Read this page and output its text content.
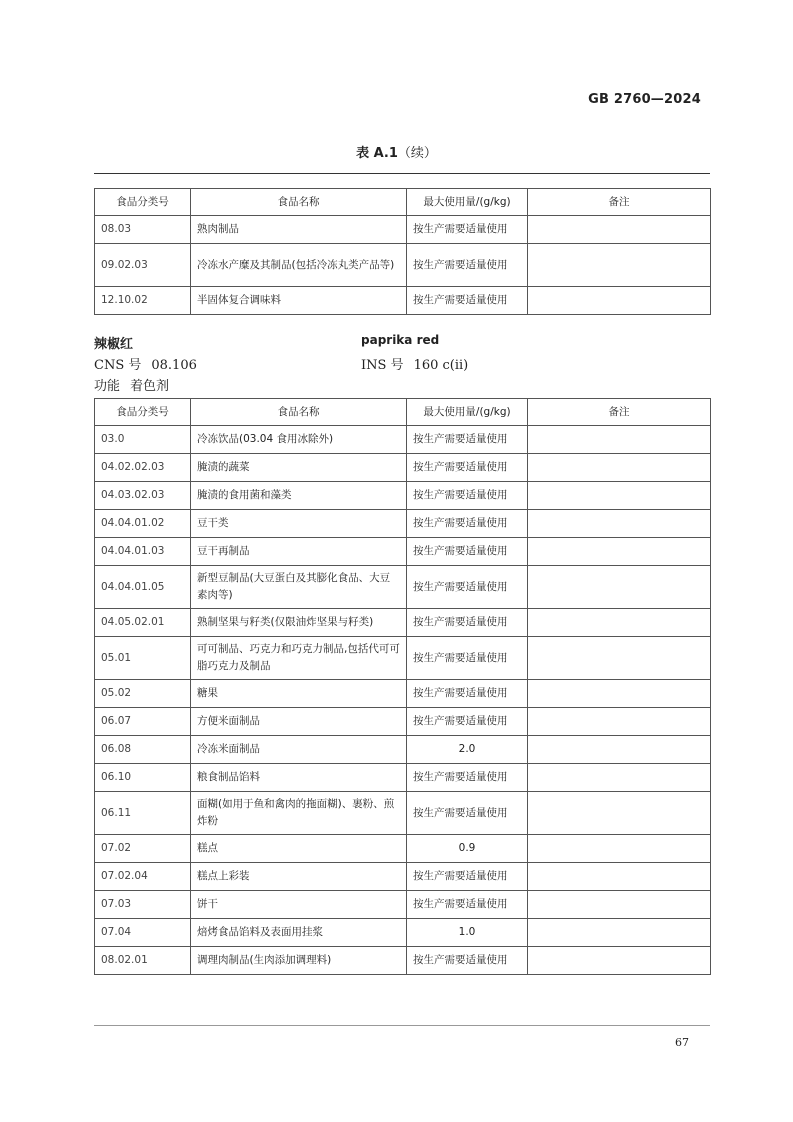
GB 2760—2024
表 A.1（续）
食品分类号	食品名称	最大使用量/(g/kg)	备注
08.03	熟肉制品	按生产需要适量使用	
09.02.03	冷冻水产糜及其制品(包括冷冻丸类产品等)	按生产需要适量使用	
12.10.02	半固体复合调味料	按生产需要适量使用	
辣椒红	paprika red
CNS 号 08.106	INS 号 160 c(ii)
功能 着色剂
食品分类号	食品名称	最大使用量/(g/kg)	备注
03.0	冷冻饮品(03.04 食用冰除外)	按生产需要适量使用	
04.02.02.03	腌渍的蔬菜	按生产需要适量使用	
04.03.02.03	腌渍的食用菌和藻类	按生产需要适量使用	
04.04.01.02	豆干类	按生产需要适量使用	
04.04.01.03	豆干再制品	按生产需要适量使用	
04.04.01.05	新型豆制品(大豆蛋白及其膨化食品、大豆素肉等)	按生产需要适量使用	
04.05.02.01	熟制坚果与籽类(仅限油炸坚果与籽类)	按生产需要适量使用	
05.01	可可制品、巧克力和巧克力制品,包括代可可脂巧克力及制品	按生产需要适量使用	
05.02	糖果	按生产需要适量使用	
06.07	方便米面制品	按生产需要适量使用	
06.08	冷冻米面制品	2.0	
06.10	粮食制品馅料	按生产需要适量使用	
06.11	面糊(如用于鱼和禽肉的拖面糊)、裹粉、煎炸粉	按生产需要适量使用	
07.02	糕点	0.9	
07.02.04	糕点上彩装	按生产需要适量使用	
07.03	饼干	按生产需要适量使用	
07.04	焙烤食品馅料及表面用挂浆	1.0	
08.02.01	调理肉制品(生肉添加调理料)	按生产需要适量使用	
67
